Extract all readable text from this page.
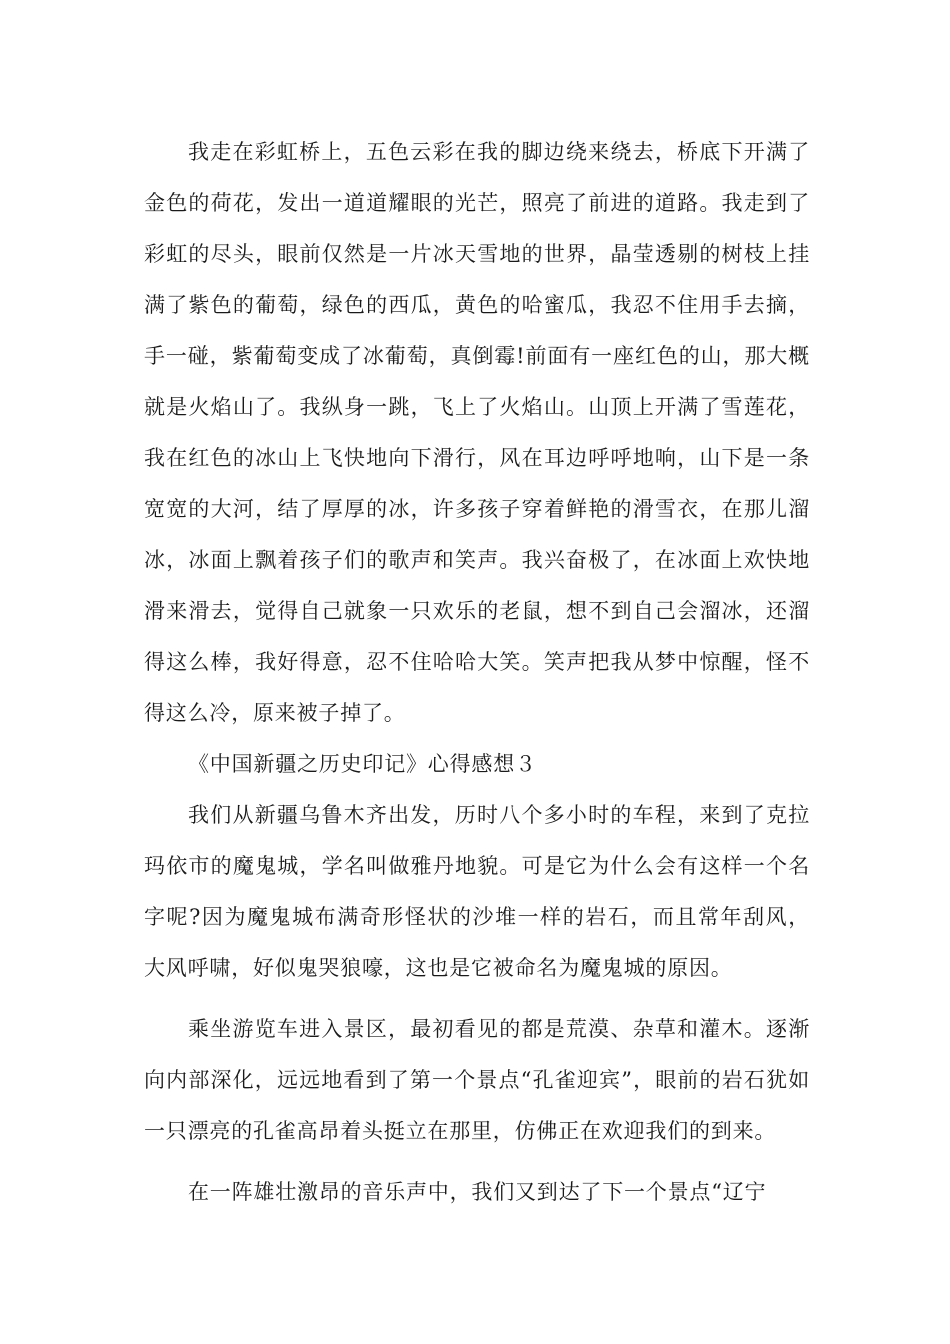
我走在彩虹桥上，五色云彩在我的脚边绕来绕去，桥底下开满了金色的荷花，发出一道道耀眼的光芒，照亮了前进的道路。我走到了彩虹的尽头，眼前仅然是一片冰天雪地的世界，晶莹透剔的树枝上挂满了紫色的葡萄，绿色的西瓜，黄色的哈蜜瓜，我忍不住用手去摘，手一碰，紫葡萄变成了冰葡萄，真倒霉!前面有一座红色的山，那大概就是火焰山了。我纵身一跳，飞上了火焰山。山顶上开满了雪莲花，我在红色的冰山上飞快地向下滑行，风在耳边呼呼地响，山下是一条宽宽的大河，结了厚厚的冰，许多孩子穿着鲜艳的滑雪衣，在那儿溜冰，冰面上飘着孩子们的歌声和笑声。我兴奋极了，在冰面上欢快地滑来滑去，觉得自己就象一只欢乐的老鼠，想不到自己会溜冰，还溜得这么棒，我好得意，忍不住哈哈大笑。笑声把我从梦中惊醒，怪不得这么冷，原来被子掉了。

《中国新疆之历史印记》心得感想３

我们从新疆乌鲁木齐出发，历时八个多小时的车程，来到了克拉玛依市的魔鬼城，学名叫做雅丹地貌。可是它为什么会有这样一个名字呢?因为魔鬼城布满奇形怪状的沙堆一样的岩石，而且常年刮风，大风呼啸，好似鬼哭狼嚎，这也是它被命名为魔鬼城的原因。

乘坐游览车进入景区，最初看见的都是荒漠、杂草和灌木。逐渐向内部深化，远远地看到了第一个景点“孔雀迎宾”，眼前的岩石犹如一只漂亮的孔雀高昂着头挺立在那里，仿佛正在欢迎我们的到来。

在一阵雄壮激昂的音乐声中，我们又到达了下一个景点“辽宁
